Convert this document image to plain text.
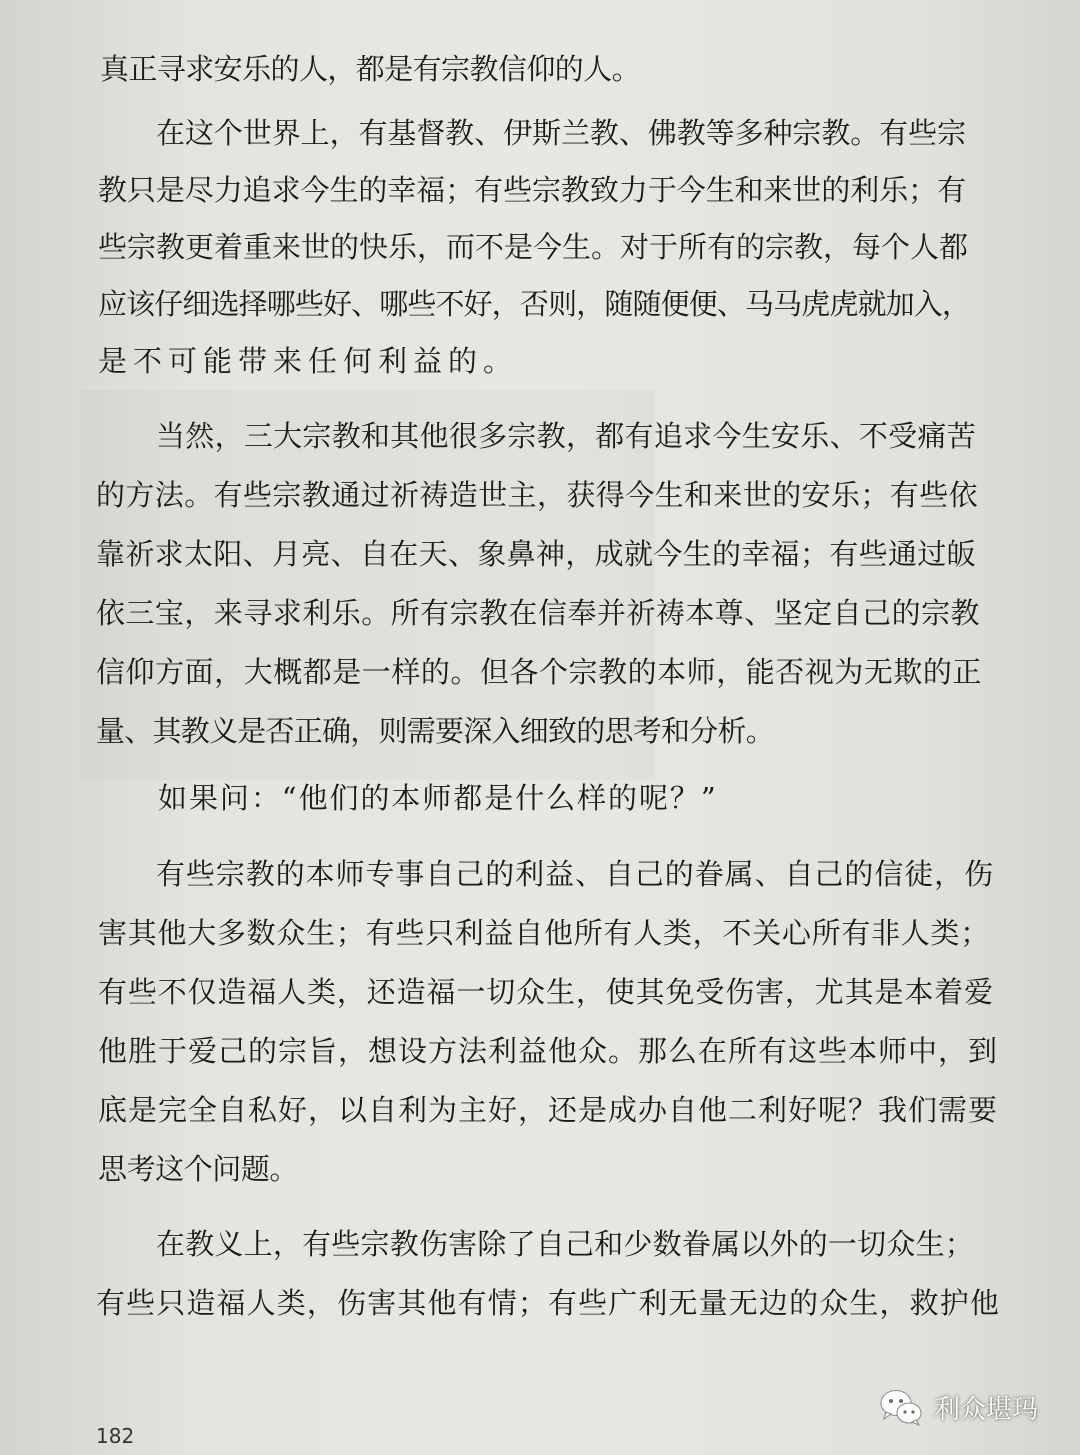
真正寻求安乐的人，都是有宗教信仰的人。

在这个世界上，有基督教、伊斯兰教、佛教等多种宗教。有些宗

教只是尽力追求今生的幸福；有些宗教致力于今生和来世的利乐；有

些宗教更着重来世的快乐，而不是今生。对于所有的宗教，每个人都

应该仔细选择哪些好、哪些不好，否则，随随便便、马马虎虎就加入，

是不可能带来任何利益的。

当然，三大宗教和其他很多宗教，都有追求今生安乐、不受痛苦

的方法。有些宗教通过祈祷造世主，获得今生和来世的安乐；有些依

靠祈求太阳、月亮、自在天、象鼻神，成就今生的幸福；有些通过皈

依三宝，来寻求利乐。所有宗教在信奉并祈祷本尊、坚定自己的宗教

信仰方面，大概都是一样的。但各个宗教的本师，能否视为无欺的正

量、其教义是否正确，则需要深入细致的思考和分析。

如果问：“他们的本师都是什么样的呢？”

有些宗教的本师专事自己的利益、自己的眷属、自己的信徒，伤

害其他大多数众生；有些只利益自他所有人类，不关心所有非人类；

有些不仅造福人类，还造福一切众生，使其免受伤害，尤其是本着爱

他胜于爱己的宗旨，想设方法利益他众。那么在所有这些本师中，到

底是完全自私好，以自利为主好，还是成办自他二利好呢？我们需要

思考这个问题。

在教义上，有些宗教伤害除了自己和少数眷属以外的一切众生；

有些只造福人类，伤害其他有情；有些广利无量无边的众生，救护他

182
利众堪玛
